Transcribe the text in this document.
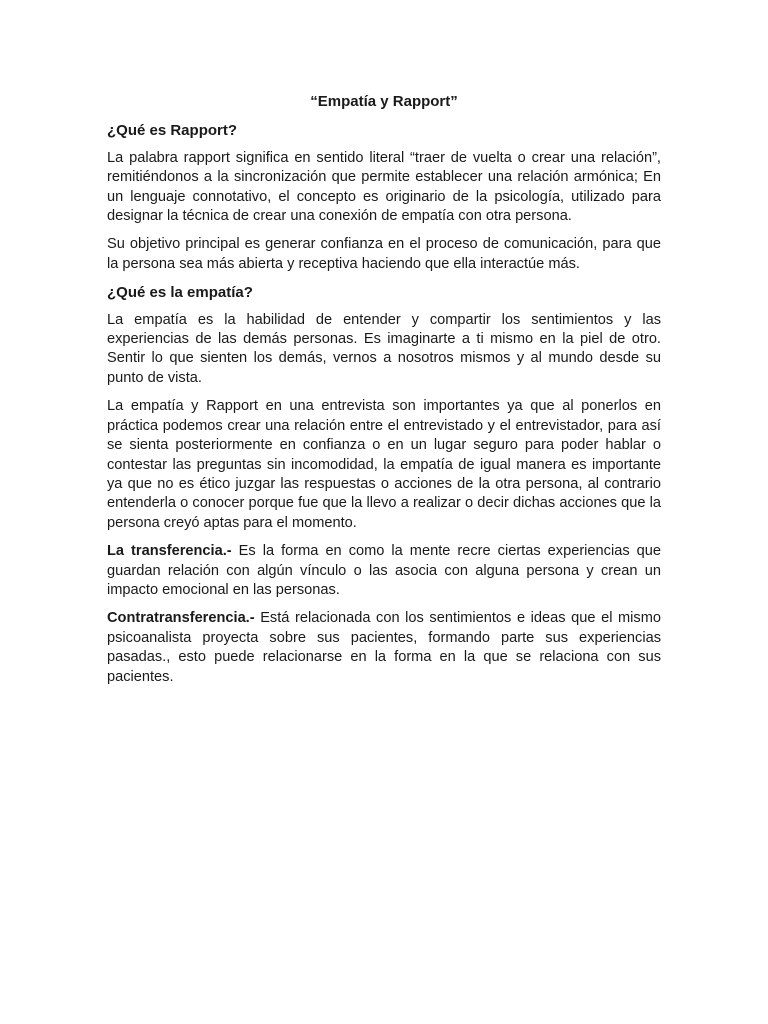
“Empatía y Rapport”

¿Qué es Rapport?

La palabra rapport significa en sentido literal “traer de vuelta o crear una relación”, remitiéndonos a la sincronización que permite establecer una relación armónica; En un lenguaje connotativo, el concepto es originario de la psicología, utilizado para designar la técnica de crear una conexión de empatía con otra persona.

Su objetivo principal es generar confianza en el proceso de comunicación, para que la persona sea más abierta y receptiva haciendo que ella interactúe más.

¿Qué es la empatía?

La empatía es la habilidad de entender y compartir los sentimientos y las experiencias de las demás personas. Es imaginarte a ti mismo en la piel de otro. Sentir lo que sienten los demás, vernos a nosotros mismos y al mundo desde su punto de vista.

La empatía y Rapport en una entrevista son importantes ya que al ponerlos en práctica podemos crear una relación entre el entrevistado y el entrevistador, para así se sienta posteriormente en confianza o en un lugar seguro para poder hablar o contestar las preguntas sin incomodidad, la empatía de igual manera es importante ya que no es ético juzgar las respuestas o acciones de la otra persona, al contrario entenderla o conocer porque fue que la llevo a realizar o decir dichas acciones que la persona creyó aptas para el momento.

La transferencia.- Es la forma en como la mente recre ciertas experiencias que guardan relación con algún vínculo o las asocia con alguna persona y crean un impacto emocional en las personas.

Contratransferencia.- Está relacionada con los sentimientos e ideas que el mismo psicoanalista proyecta sobre sus pacientes, formando parte sus experiencias pasadas., esto puede relacionarse en la forma en la que se relaciona con sus pacientes.
